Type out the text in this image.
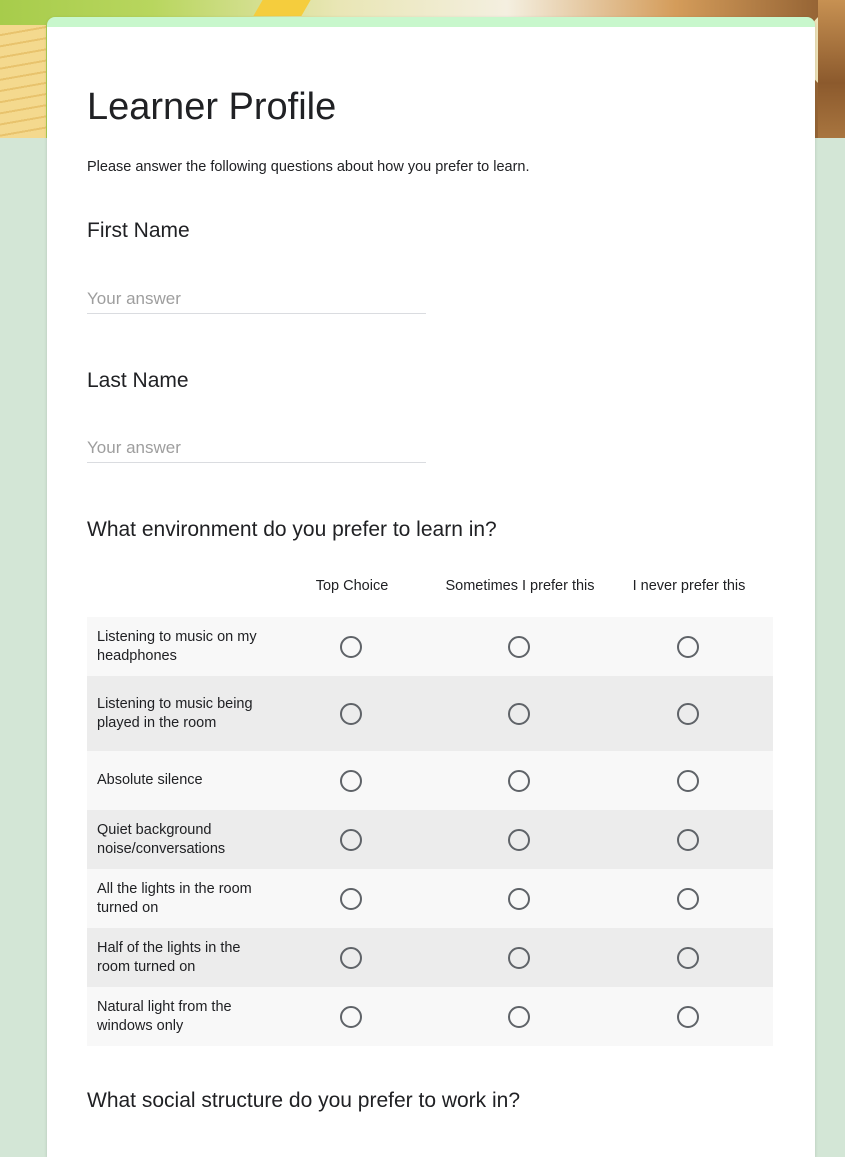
Learner Profile

Please answer the following questions about how you prefer to learn.

First Name
Your answer
Last Name
Your answer
What environment do you prefer to learn in?
Top Choice	Sometimes I prefer this	I never prefer this
Listening to music on my headphones
Listening to music being played in the room
Absolute silence
Quiet background noise/conversations
All the lights in the room turned on
Half of the lights in the room turned on
Natural light from the windows only
What social structure do you prefer to work in?
